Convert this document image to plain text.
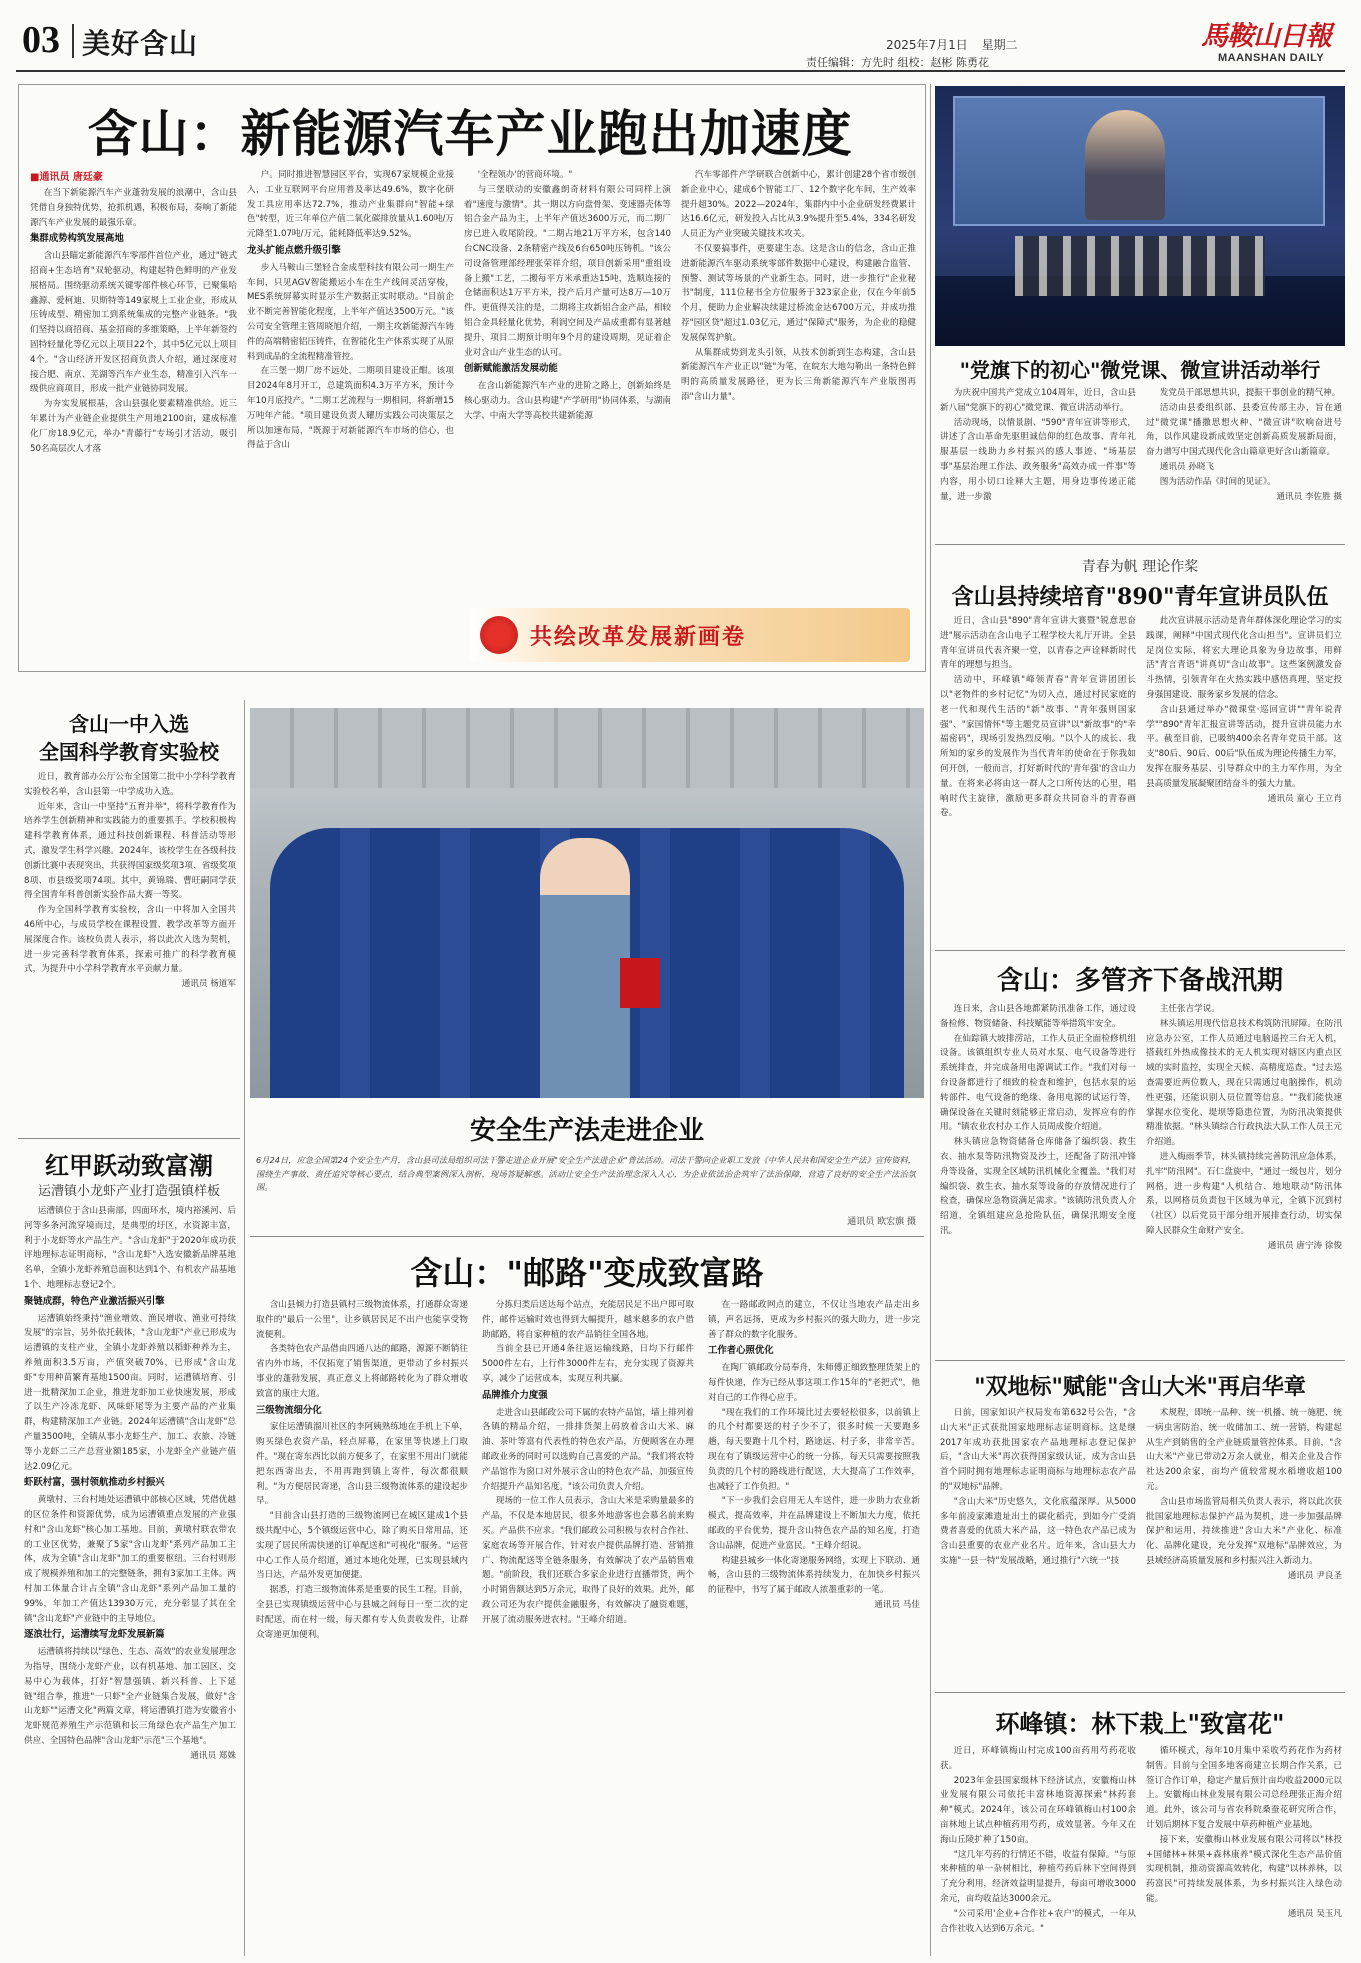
03 美好含山	2025年7月1日 星期二
责任编辑：方先时 组校：赵彬 陈勇花
馬鞍山日報
MAANSHAN DAILY
含山：新能源汽车产业跑出加速度
■通讯员 唐廷豪

在当下新能源汽车产业蓬勃发展的浪潮中，含山县凭借自身独特优势，抢抓机遇，积极布局，奏响了新能源汽车产业发展的最强乐章。

集群成势构筑发展高地

含山县瞄定新能源汽车零部件首位产业，通过"链式招商+生态培育"双轮驱动，构建起特色鲜明的产业发展格局。围绕驱动系统关键零部件核心环节，已聚集哈鑫源、爱柯迪、贝斯特等149家规上工业企业，形成从压铸成型、精密加工到系统集成的完整产业链条。"我们坚持以商招商、基金招商的多维策略，上半年新签约固特轻量化等亿元以上项目22个，其中5亿元以上项目4个。"含山经济开发区招商负责人介绍，通过深度对接合肥、南京、芜湖等汽车产业生态，精准引入汽车一级供应商项目，形成一批产业链协同发展。

为夯实发展根基，含山县强化要素精准供给。近三年累计为产业链企业提供生产用地2100亩，建成标准化厂房18.9亿元，举办"青藤行"专场引才活动，吸引50名高层次人才落

户。同时推进智慧园区平台，实现67家规模企业接入，工业互联网平台应用普及率达49.6%，数字化研发工具应用率达72.7%，推动产业集群向"智能+绿色"转型，近三年单位产值二氧化碳排放量从1.60吨/万元降至1.07吨/万元，能耗降低率达9.52%。

龙头扩能点燃升级引擎

步入马鞍山三堡轻合金成型科技有限公司一期生产车间，只见AGV智能搬运小车在生产线间灵活穿梭，MES系统屏幕实时显示生产数据正实时联动。"目前企业不断完善智能化程度，上半年产值达3500万元。"该公司安全管理主管周晓旭介绍，一期主攻新能源汽车铸件的高端精密铝压铸件，在智能化生产体系实现了从原料到成品的全流程精准管控。

在三堡一期厂房不远处，二期项目建设正酣。该项目2024年8月开工，总建筑面积4.3万平方米，预计今年10月底投产。"二期工艺流程与一期相同，将新增15万吨年产能。"项目建设负责人耀历实践公司决策层之所以加速布局，"既源于对新能源汽车市场的信心，也得益于含山

'全程领办'的营商环境。"

与三堡联动的安徽鑫朗奇材料有限公司同样上演着"速度与激情"。其一期以方向盘骨架、变速器壳体等铝合金产品为主，上半年产值达3600万元，而二期厂房已进入收尾阶段。"二期占地21万平方米，包含140台CNC设备、2条精密产线及6台650吨压铸机。"该公司设备管理部经理张荣祥介绍，项目创新采用"重组设备上搬"工艺，二搬每平方米承重达15吨，选顺连接的仓储面积达1万平方米，投产后月产量可达8万—10万件。更值得关注的是，二期将主攻新铝合金产品，相较铝合金具轻量化优势，利润空间及产品成重都有显著越提升，项目二期预计明年9个月的建设周期，见证着企业对含山产业生态的认可。

创新赋能激活发展动能

在含山新能源汽车产业的进阶之路上，创新始终是核心驱动力。含山县构建"产学研用"协同体系，与湖南大学、中南大学等高校共建新能源

汽车零部件产学研联合创新中心，累计创建28个省市级创新企业中心，建成6个智能工厂、12个数字化车间，生产效率提升超30%。2022—2024年，集群内中小企业研发经费累计达16.6亿元，研发投入占比从3.9%提升至5.4%，334名研发人员正为产业突破关键技术攻关。

不仅要搞事件，更要建生态。这是含山的信念，含山正推进新能源汽车驱动系统零部件数据中心建设，构建融合监管、预警、测试等场景的产业新生态。同时，进一步推行"企业秘书"制度，111位秘书全方位服务于323家企业，仅在今年前5个月，便助力企业解决续建过桥流金达6700万元，并成功推荐"园区贷"超过1.03亿元，通过"保障式"服务，为企业的稳健发展保驾护航。

从集群成势到龙头引领，从技术创新到生态构建，含山县新能源汽车产业正以"链"为笔，在皖东大地勾勒出一条特色鲜明的高质量发展路径，更为长三角新能源汽车产业版图再添"含山力量"。

共绘改革发展新画卷
"党旗下的初心"微党课、微宣讲活动举行

为庆祝中国共产党成立104周年，近日，含山县新八届"党旗下的初心"微党课、微宣讲活动举行。

活动现场，以情景剧、"590"青年宣讲等形式，讲述了含山革命先驱胆诚信仰的红色故事、青年礼服基层一线助力乡村振兴的感人事迹、"场基层事"基层治理工作法、政务服务"高效办成一件事"等内容，用小切口诠释大主题，用身边事传递正能量，进一步激

发党员干部思想共识，提振干事创业的精气神。

活动由县委组织部、县委宣传部主办，旨在通过"微党课"播撒思想火种、"微宣讲"吹响奋进号角，以作风建设新成效坚定创新高质发展新局面，奋力谱写中国式现代化含山篇章更好含山新篇章。

通讯员 孙晓飞

图为活动作品《时间的见证》。

通讯员 李佐胜 摄

青春为帆 理论作桨
含山县持续培育"890"青年宣讲员队伍

近日，含山县"890"青年宣讲大赛暨"锐意思奋进"展示活动在含山电子工程学校大礼厅开讲。全县青年宣讲员代表齐聚一堂，以青春之声诠释新时代青年的理想与担当。

活动中，环峰镇"峰领青春"青年宣讲团团长以"老物件的乡村记忆"为切入点，通过村民家庭的老一代和现代生活的"新"故事、"青年强则国家强"、"家国情怀"等主题党员宣讲"以"新故事"的"幸福密码"，现场引发热烈反响。"以个人的成长、我所知的家乡的发展作为当代青年的使命在于你我如何开创，一般而言，打好新时代的'青年强'的含山力量。在将来必将由这一群人之口所传达的心里，唱响时代主旋律，激励更多群众共同奋斗的青春画卷。

此次宣讲展示活动是青年群体深化理论学习的实践课，阐释"中国式现代化含山担当"。宣讲员们立足岗位实际，将宏大理论具象为身边故事，用鲜活"青言青语"讲真切"含山故事"。这些案例激发奋斗热情，引领青年在火热实践中感悟真理，坚定投身强国建设、服务家乡发展的信念。

含山县通过举办"微课堂·巡回宣讲""青年说青学""890"青年汇报宣讲等活动，提升宣讲员能力水平。截至目前，已吸纳400余名青年党员干部。这支"80后、90后、00后"队伍成为理论传播生力军，发挥在服务基层、引导群众中的主力军作用，为全县高质量发展凝聚团结奋斗的强大力量。

通讯员 童心 王立肖

含山：多管齐下备战汛期

连日来，含山县各地都紧防汛准备工作，通过设备检修、物资储备、科技赋能等举措筑牢安全。

在仙踪镇大坡排涝站，工作人员正全面检修机组设备。该镇组织专业人员对水泵、电气设备等进行系统排查，并完成备用电源调试工作。"我们对每一台设备都进行了细致的检查和维护，包括水泵的运转部件、电气设备的绝缘、备用电源的试运行等，确保设备在关键时刻能够正常启动，发挥应有的作用。"镇农业农村办工作人员周成俊介绍道。

林头镇应急物资储备仓库储备了编织袋、救生衣、抽水泵等防汛物资及沙土，还配备了防汛冲锋舟等设备，实现全区域防汛机械化全覆盖。"我们对编织袋、救生衣、抽水泵等设备的存放情况进行了检查，确保应急物资满足需求。"该镇防汛负责人介绍道，全镇组建应急抢险队伍，确保汛期安全度汛。

主任张吉学说。

林头镇运用现代信息技术构筑防汛屏障。在防汛应急办公室，工作人员通过电脑遥控三台无人机，搭载红外热成像技术的无人机实现对辖区内重点区域的实时监控，实现全天候、高精度巡查。"过去巡查需要近两位数人，现在只需通过电脑操作，机动性更强，还能识别人员位置等信息。""我们能快速掌握水位变化、堤坝等隐患位置，为防汛决策提供精准依据。"林头镇综合行政执法大队工作人员王元介绍道。

进入梅雨季节，林头镇持续完善防汛应急体系，扎牢"防汛网"。石仁盘旋中，"通过一级包片，划分网格，进一步构建"人机结合、地地联动"防汛体系，以网格员负责包干区域为单元，全镇下沉到村（社区）以后党员干部分组开展排查行动，切实保障人民群众生命财产安全。

通讯员 唐宁涛 徐俊

"双地标"赋能"含山大米"再启华章

日前，国家知识产权局发布第632号公告，"含山大米"正式获批国家地理标志证明商标。这是继2017年成功获批国家农产品地理标志登记保护后，"含山大米"再次获得国家级认证，成为含山县首个同时拥有地理标志证明商标与地理标志农产品的"双地标"品牌。

"含山大米"历史悠久，文化底蕴深厚。从5000多年前凌家滩遗址出土的碳化稻壳，到如今广受消费者喜爱的优质大米产品，这一特色农产品已成为含山县重要的农业产业名片。近年来，含山县大力实施"一县一特"发展战略，通过推行"六统一"技

术规程，即统一品种、统一机播、统一施肥、统一病虫害防治、统一收储加工、统一营销，构建起从生产到销售的全产业链质量管控体系。目前，"含山大米"产业已带动2万余人就业，相关企业及合作社达200余家，亩均产值较常规水稻增收超100元。

含山县市场监管局相关负责人表示，将以此次获批国家地理标志保护产品为契机，进一步加强品牌保护和运用，持续推进"含山大米"产业化、标准化、品牌化建设，充分发挥"双地标"品牌效应，为县域经济高质量发展和乡村振兴注入新动力。

通讯员 尹良圣

环峰镇：林下栽上"致富花"

近日，环峰镇梅山村完成100亩药用芍药花收获。

2023年金县国家级林下经济试点，安徽梅山林业发展有限公司依托丰富林地资源探索"林药套种"模式。2024年，该公司在环峰镇梅山村100余亩林地上试点种植药用芍药，成效显著。今年又在海山丘陵扩种了150亩。

"这几年芍药的行情还不错，收益有保障。"与原来种植的单一杂树相比，种植芍药后林下空间得到了充分利用，经济效益明显提升，每亩可增收3000余元，亩均收益达3000余元。

"公司采用'企业+合作社+农户'的模式，一年从合作社收入达到6万余元。"

循环模式，每年10月集中采收芍药花作为药材制售。目前与全国多地客商建立长期合作关系，已签订合作订单，稳定产量后预计亩均收益2000元以上。安徽梅山林业发展有限公司总经理张正海介绍道。此外，该公司与省农科院桑蚕花研究所合作，计划后期林下复合发展中草药种植产业基地。

接下来，安徽梅山林业发展有限公司将以"林投+国储林+林果+森林康养"模式深化生态产品价值实现机制，推动资源高效转化，构建"以林养林，以药富民"可持续发展体系，为乡村振兴注入绿色动能。

通讯员 吴玉凡

含山一中入选
全国科学教育实验校

近日，教育部办公厅公布全国第二批中小学科学教育实验校名单，含山县第一中学成功入选。

近年来，含山一中坚持"五育并举"，将科学教育作为培养学生创新精神和实践能力的重要抓手。学校积极构建科学教育体系，通过科技创新课程、科普活动等形式，激发学生科学兴趣。2024年，该校学生在各级科技创新比赛中表现突出，共获得国家级奖项3项、省级奖项8项、市县级奖项74项。其中，黄锦瑞、曹旺嗣同学获得全国青年科普创新实验作品大赛一等奖。

作为全国科学教育实验校，含山一中将加入全国共46所中心，与成员学校在课程设置、教学改革等方面开展深度合作。该校负责人表示，将以此次入选为契机，进一步完善科学教育体系，探索可推广的科学教育模式，为提升中小学科学教育水平贡献力量。

通讯员 杨道军

红甲跃动致富潮
运漕镇小龙虾产业打造强镇样板

运漕镇位于含山县南部，四面环水，境内裕溪河、后河等多条河流穿境而过，是典型的圩区，水资源丰富，利于小龙虾等水产品生产。"含山龙虾"于2020年成功获评地理标志证明商标，"含山龙虾"入选安徽新品牌基地名单，全镇小龙虾养殖总面积达到1个、有机农产品基地1个、地理标志登记2个。

聚链成群，特色产业激活振兴引擎

运漕镇始终秉持"渔业增效、渔民增收、渔业可持续发展"的宗旨，另外依托载体，"含山龙虾"产业已形成为运漕镇的支柱产业，全镇小龙虾养殖以稻虾种养为主，养殖面积3.5万亩，产值突破70%，已形成"含山龙虾"专用种苗繁育基地1500亩。同时，运漕镇培育、引进一批精深加工企业，推进龙虾加工业快速发展，形成了以生产冷冻龙虾、风味虾尾等为主要产品的产业集群，构建精深加工产业链。2024年运漕镇"含山龙虾"总产量3500吨，全镇从事小龙虾生产、加工、农旅、冷链等小龙虾二三产总营业额185家，小龙虾全产业链产值达2.09亿元。

虾跃村富，强村领航推动乡村振兴

黄墩村、三台村地处运漕镇中部核心区域，凭借优越的区位条件和资源优势，成为运漕镇重点发展的产业强村和"含山龙虾"核心加工基地。目前，黄墩村联农带农的工业区优势，兼聚了5家"含山龙虾"系列产品加工主体，成为全镇"含山龙虾"加工的重要枢纽。三台村则形成了规模养殖和加工的完整链条，拥有3家加工主体。两村加工体量合计占全镇"含山龙虾"系列产品加工量的99%，年加工产值达13930万元，充分彰显了其在全镇"含山龙虾"产业链中的主导地位。

逐浪壮行，运漕续写龙虾发展新篇

运漕镇将持续以"绿色、生态、高效"的农业发展理念为指导，围绕小龙虾产业，以有机基地、加工园区、交易中心为载体，打好"智慧强镇、新兴科普、上下延链"组合拳，推进"一只虾"全产业链集合发展，做好"含山龙虾""运漕文化"两篇文章，将运漕镇打造为安徽省小龙虾规范养殖生产示范镇和长三角绿色农产品生产加工供应、全国特色品牌"含山龙虾"示范"三个基地"。

通讯员 郑姝

安全生产法走进企业
6月24日，应急全国第24个安全生产月，含山县司法局组织司法干警走进企业开展"安全生产法进企业"普法活动。司法干警向企业职工发放《中华人民共和国安全生产法》宣传资料，围绕生产事故、责任追究等核心要点，结合典型案例深入剖析，现场答疑解惑。活动让安全生产法治理念深入人心，为企业依法治企筑牢了法治保障，营造了良好的安全生产法治氛围。
通讯员 欧宏旗 摄
含山："邮路"变成致富路

含山县倾力打造县镇村三级物流体系，打通群众寄递取件的"最后一公里"，让乡镇居民足不出户也能享受物流便利。

各类特色农产品借由四通八达的邮路，源源不断销往省内外市场，不仅拓宽了销售渠道，更带动了乡村振兴事业的蓬勃发展，真正意义上将邮路转化为了群众增收致富的康庄大道。

三级物流细分化

家住运漕镇溜川社区的李阿姨熟练地在手机上下单，购买绿色农资产品，轻点屏幕，在家里等快递上门取件。"现在寄东西比以前方便多了，在家里不用出门就能把东西寄出去，不用再跑到镇上寄件，每次都很顺利。"为方便居民寄递，含山县三级物流体系的建设起步早。

"目前含山县打造的三级物流网已在城区建成1个县级共配中心，5个镇级运营中心，除了购买日常用品，还实现了居民所需快递的订单配送和"可视化"服务。"运营中心工作人员介绍道，通过本地化处理，已实现县域内当日达，产品外发更加便捷。

据悉，打造三级物流体系是重要的民生工程。目前，全县已实现镇级运营中心与县城之间每日一至二次的定时配送，而在村一级，每天都有专人负责收发件，让群众寄递更加便利。

分拣归类后送达每个站点，充能居民足不出户即可取件，邮件运输时效也得到大幅提升，越来越多的农户借助邮路，将自家种植的农产品销往全国各地。

当前全县已开通4条往返运输线路，日均下行邮件5000件左右，上行件3000件左右，充分实现了资源共享，减少了运营成本，实现互利共赢。

品牌推介力度强

走进含山县邮政公司下属的农特产品馆，墙上排列着各镇的精品介绍，一排排货架上码放着含山大米、麻油、茶叶等富有代表性的特色农产品，方便顾客在办理邮政业务的同时可以选购自己喜爱的产品。"我们将农特产品馆作为窗口对外展示含山的特色农产品，加强宣传介绍提升产品知名度。"该公司负责人介绍。

现场的一位工作人员表示，含山大米是采购量最多的产品，不仅是本地居民，很多外地游客也会慕名前来购买。产品供不应求。"我们邮政公司积极与农村合作社、家庭农场等开展合作，针对农户提供品牌打造、营销推广、物流配送等全链条服务，有效解决了农产品销售难题。"前阶段，我们还联合多家企业进行直播带货，两个小时销售额达到5万余元，取得了良好的效果。此外，邮政公司还为农户提供金融服务，有效解决了融资难题，开展了流动服务进农村。"王峰介绍道。

在一路邮政网点的建立，不仅让当地农产品走出乡镇，声名远扬，更成为乡村振兴的强大助力，进一步完善了群众的数字化服务。

工作者心照优化

在陶厂镇邮政分局奉舟，朱师傅正细致整理货架上的每件快递，作为已经从事这项工作15年的"老把式"，他对自己的工作得心应手。

"现在我们的工作环境比过去要轻松很多，以前镇上的几个村都要送的村子少不了，很多时候一天要跑多趟，每天要跑十几个村，路途远、村子多，非常辛苦。现在有了镇级运营中心的统一分拣，每天只需要按照我负责的几个村的路线进行配送，大大提高了工作效率，也减轻了工作负担。"

"下一步我们会启用无人车送件，进一步助力农业新模式，提高效率，并在品牌建设上不断加大力度，依托邮政的平台优势，提升含山特色农产品的知名度，打造含山品牌，促进产业富民。"王峰介绍说。

构建县城乡一体化寄递服务网络，实现上下联动、通畅，含山县的三级物流体系持续发力，在加快乡村振兴的征程中，书写了属于邮政人浓墨重彩的一笔。

通讯员 马佳
